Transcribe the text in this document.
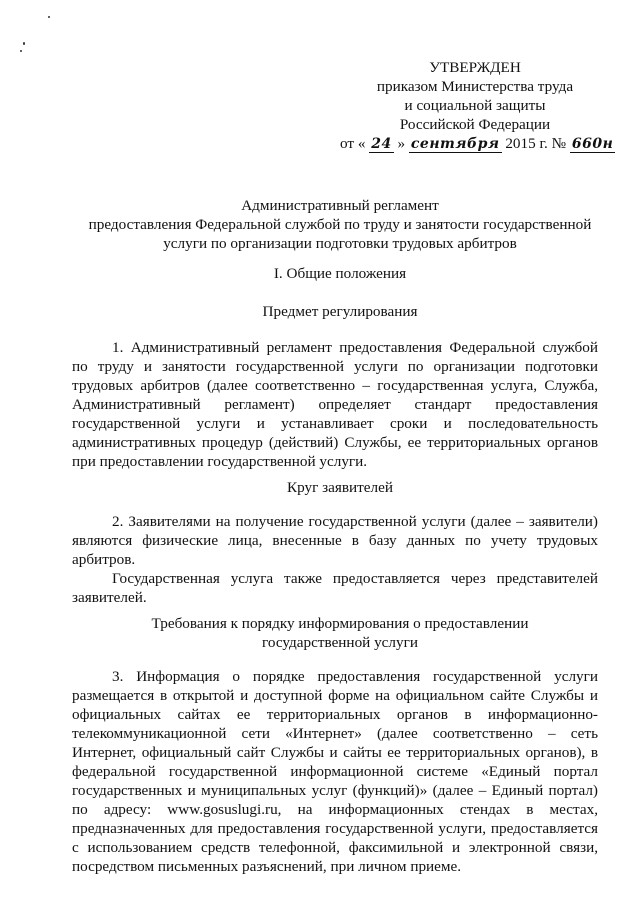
УТВЕРЖДЕН
приказом Министерства труда
и социальной защиты
Российской Федерации
от « 24 » сентября 2015 г. № 660н
Административный регламент
предоставления Федеральной службой по труду и занятости государственной
услуги по организации подготовки трудовых арбитров
I. Общие положения
Предмет регулирования
1. Административный регламент предоставления Федеральной службой
по труду и занятости государственной услуги по организации подготовки
трудовых арбитров (далее соответственно – государственная услуга, Служба,
Административный регламент) определяет стандарт предоставления
государственной услуги и устанавливает сроки и последовательность
административных процедур (действий) Службы, ее территориальных органов
при предоставлении государственной услуги.
Круг заявителей
2. Заявителями на получение государственной услуги (далее – заявители)
являются физические лица, внесенные в базу данных по учету трудовых
арбитров.
Государственная услуга также предоставляется через представителей
заявителей.
Требования к порядку информирования о предоставлении
государственной услуги
3. Информация о порядке предоставления государственной услуги
размещается в открытой и доступной форме на официальном сайте Службы и
официальных сайтах ее территориальных органов в информационно-
телекоммуникационной сети «Интернет» (далее соответственно – сеть
Интернет, официальный сайт Службы и сайты ее территориальных органов), в
федеральной государственной информационной системе «Единый портал
государственных и муниципальных услуг (функций)» (далее – Единый портал)
по адресу: www.gosuslugi.ru, на информационных стендах в местах,
предназначенных для предоставления государственной услуги, предоставляется
с использованием средств телефонной, факсимильной и электронной связи,
посредством письменных разъяснений, при личном приеме.
